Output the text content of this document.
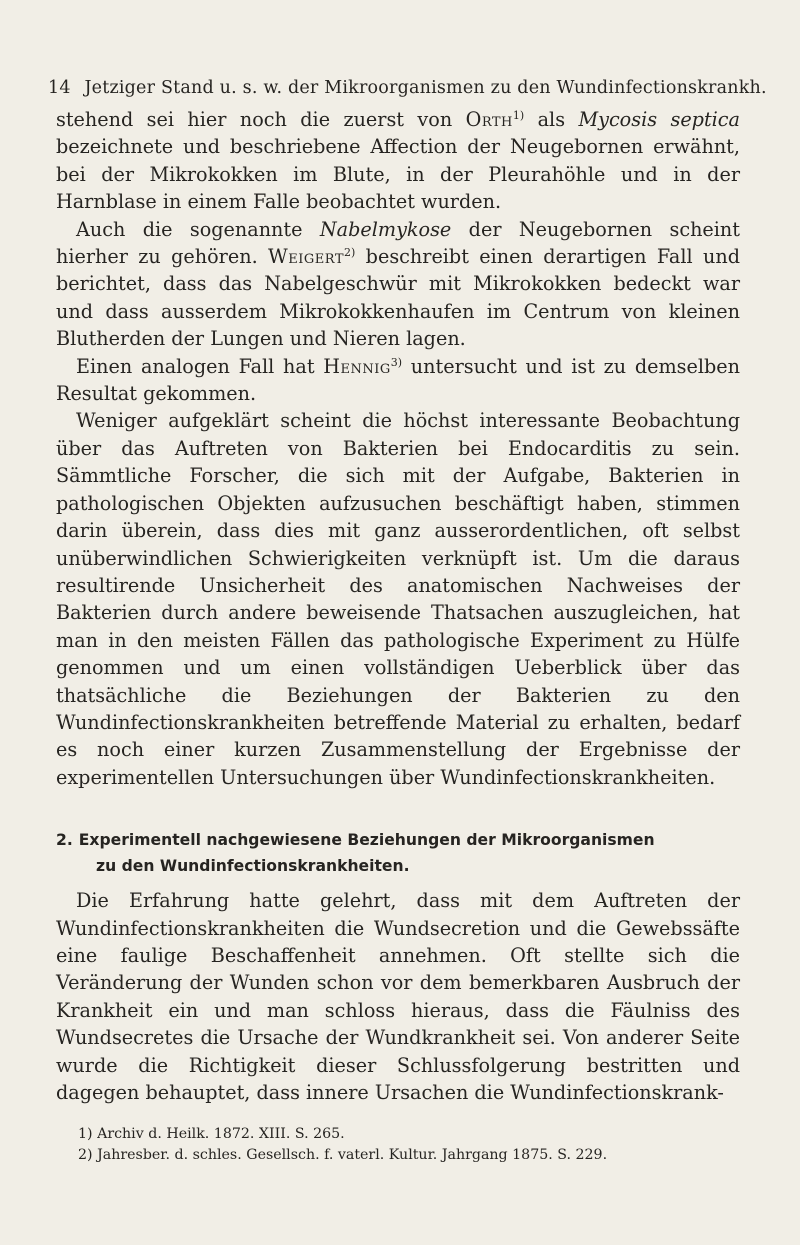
14 Jetziger Stand u. s. w. der Mikroorganismen zu den Wundinfectionskrankh.

stehend sei hier noch die zuerst von Orth$^{1)}$ als Mycosis septica bezeichnete und beschriebene Affection der Neugebornen erwähnt, bei der Mikrokokken im Blute, in der Pleurahöhle und in der Harnblase in einem Falle beobachtet wurden.

Auch die sogenannte Nabelmykose der Neugebornen scheint hierher zu gehören. Weigert$^{2)}$ beschreibt einen derartigen Fall und berichtet, dass das Nabelgeschwür mit Mikrokokken bedeckt war und dass ausserdem Mikrokokkenhaufen im Centrum von kleinen Blutherden der Lungen und Nieren lagen.

Einen analogen Fall hat Hennig$^{3)}$ untersucht und ist zu demselben Resultat gekommen.

Weniger aufgeklärt scheint die höchst interessante Beobachtung über das Auftreten von Bakterien bei Endocarditis zu sein. Sämmtliche Forscher, die sich mit der Aufgabe, Bakterien in pathologischen Objekten aufzusuchen beschäftigt haben, stimmen darin überein, dass dies mit ganz ausserordentlichen, oft selbst unüberwindlichen Schwierigkeiten verknüpft ist. Um die daraus resultirende Unsicherheit des anatomischen Nachweises der Bakterien durch andere beweisende Thatsachen auszugleichen, hat man in den meisten Fällen das pathologische Experiment zu Hülfe genommen und um einen vollständigen Ueberblick über das thatsächliche die Beziehungen der Bakterien zu den Wundinfectionskrankheiten betreffende Material zu erhalten, bedarf es noch einer kurzen Zusammenstellung der Ergebnisse der experimentellen Untersuchungen über Wundinfectionskrankheiten.

2. Experimentell nachgewiesene Beziehungen der Mikroorganismen
zu den Wundinfectionskrankheiten.

Die Erfahrung hatte gelehrt, dass mit dem Auftreten der Wundinfectionskrankheiten die Wundsecretion und die Gewebssäfte eine faulige Beschaffenheit annehmen. Oft stellte sich die Veränderung der Wunden schon vor dem bemerkbaren Ausbruch der Krankheit ein und man schloss hieraus, dass die Fäulniss des Wundsecretes die Ursache der Wundkrankheit sei. Von anderer Seite wurde die Richtigkeit dieser Schlussfolgerung bestritten und dagegen behauptet, dass innere Ursachen die Wundinfectionskrank-

1) Archiv d. Heilk. 1872. XIII. S. 265.
2) Jahresber. d. schles. Gesellsch. f. vaterl. Kultur. Jahrgang 1875. S. 229.
